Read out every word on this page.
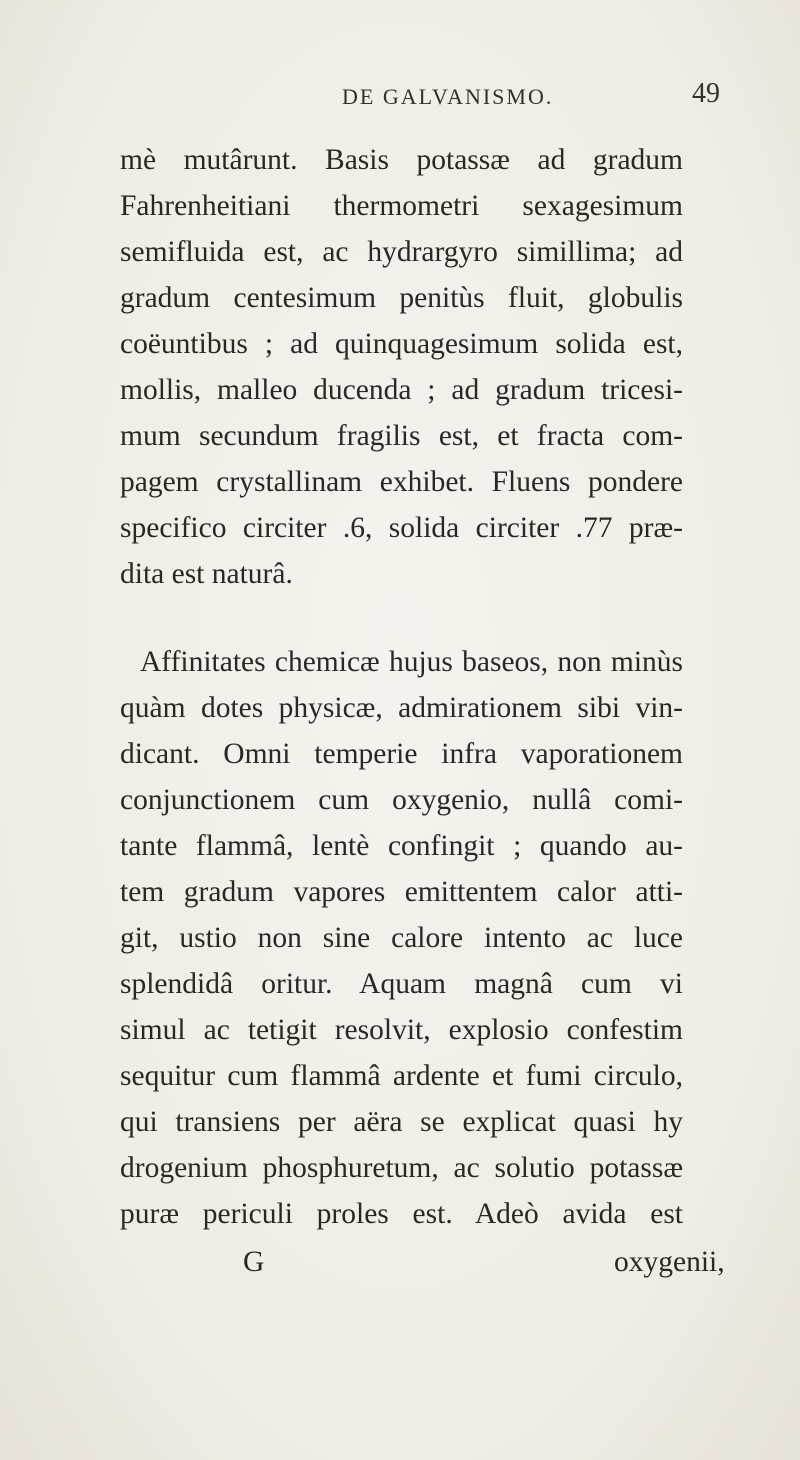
DE GALVANISMO.	49
mè mutârunt. Basis potassæ ad gradum
Fahrenheitiani thermometri sexagesimum
semifluida est, ac hydrargyro simillima; ad
gradum centesimum penitùs fluit, globulis
coëuntibus ; ad quinquagesimum solida est,
mollis, malleo ducenda ; ad gradum tricesi-
mum secundum fragilis est, et fracta com-
pagem crystallinam exhibet. Fluens pondere
specifico circiter .6, solida circiter .77 præ-
dita est naturâ.
Affinitates chemicæ hujus baseos, non minùs
quàm dotes physicæ, admirationem sibi vin-
dicant. Omni temperie infra vaporationem
conjunctionem cum oxygenio, nullâ comi-
tante flammâ, lentè confingit ; quando au-
tem gradum vapores emittentem calor atti-
git, ustio non sine calore intento ac luce
splendidâ oritur. Aquam magnâ cum vi
simul ac tetigit resolvit, explosio confestim
sequitur cum flammâ ardente et fumi circulo,
qui transiens per aëra se explicat quasi hy
drogenium phosphuretum, ac solutio potassæ
puræ periculi proles est. Adeò avida est
G	oxygenii,
